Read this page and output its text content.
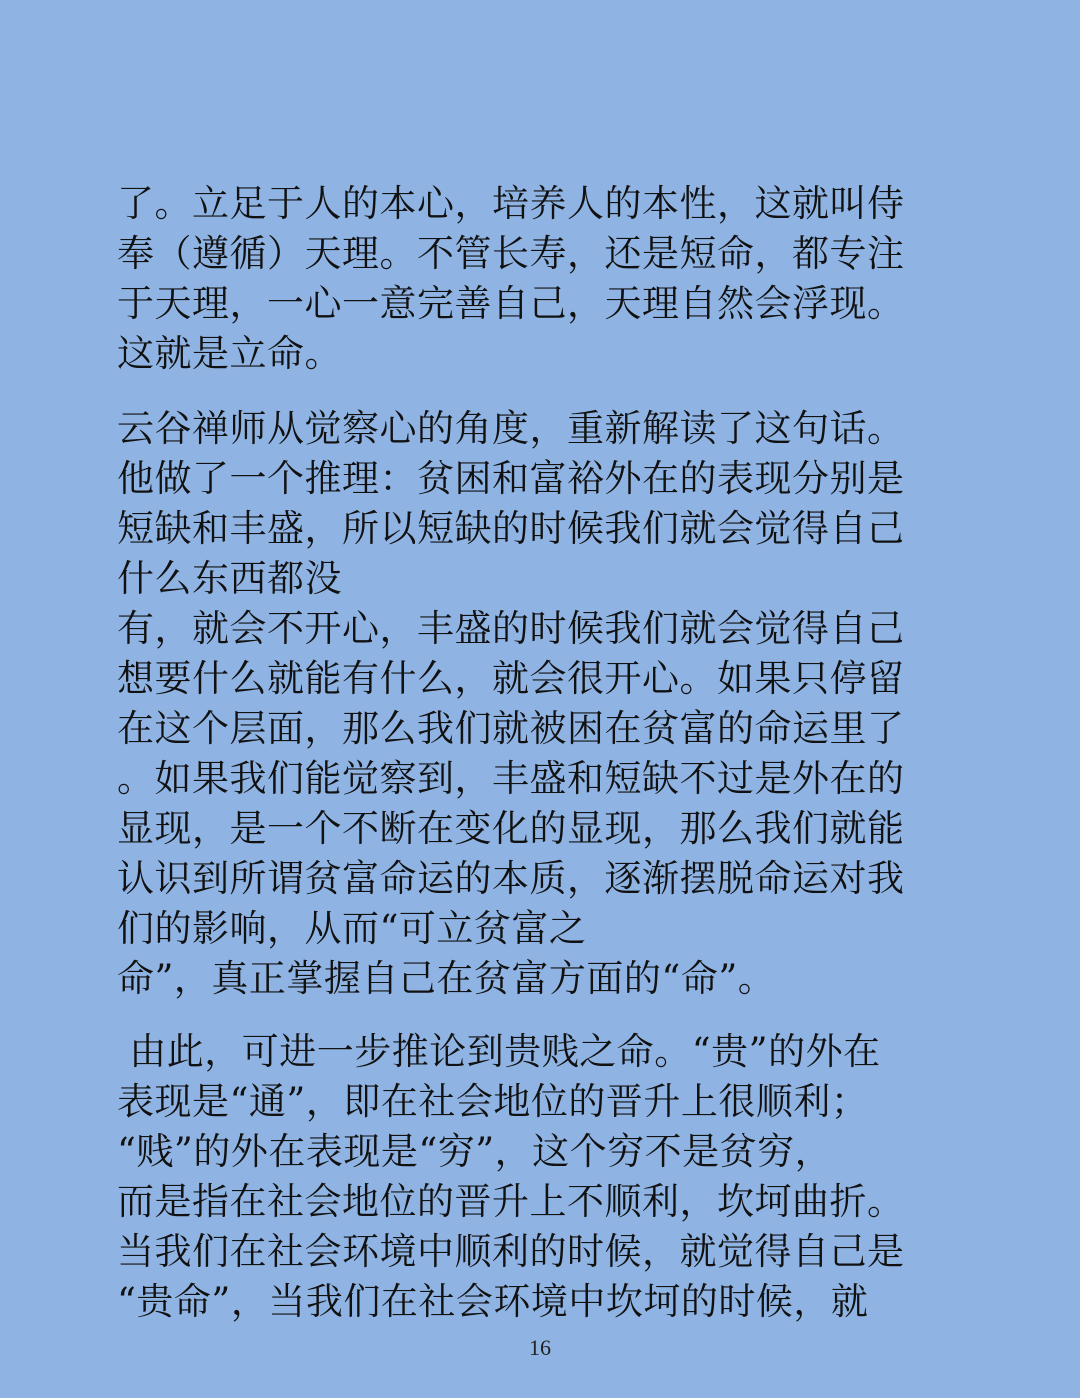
了。立足于人的本心，培养人的本性，这就叫侍
奉（遵循）天理。不管长寿，还是短命，都专注
于天理，一心一意完善自己，天理自然会浮现。
这就是立命。
云谷禅师从觉察心的角度，重新解读了这句话。
他做了一个推理：贫困和富裕外在的表现分别是
短缺和丰盛，所以短缺的时候我们就会觉得自己
什么东西都没
有，就会不开心，丰盛的时候我们就会觉得自己
想要什么就能有什么，就会很开心。如果只停留
在这个层面，那么我们就被困在贫富的命运里了
。如果我们能觉察到，丰盛和短缺不过是外在的
显现，是一个不断在变化的显现，那么我们就能
认识到所谓贫富命运的本质，逐渐摆脱命运对我
们的影响，从而“可立贫富之
命”，真正掌握自己在贫富方面的“命”。
由此，可进一步推论到贵贱之命。“贵”的外在
表现是“通”，即在社会地位的晋升上很顺利；
“贱”的外在表现是“穷”，这个穷不是贫穷，
而是指在社会地位的晋升上不顺利，坎坷曲折。
当我们在社会环境中顺利的时候，就觉得自己是
“贵命”，当我们在社会环境中坎坷的时候，就
16
